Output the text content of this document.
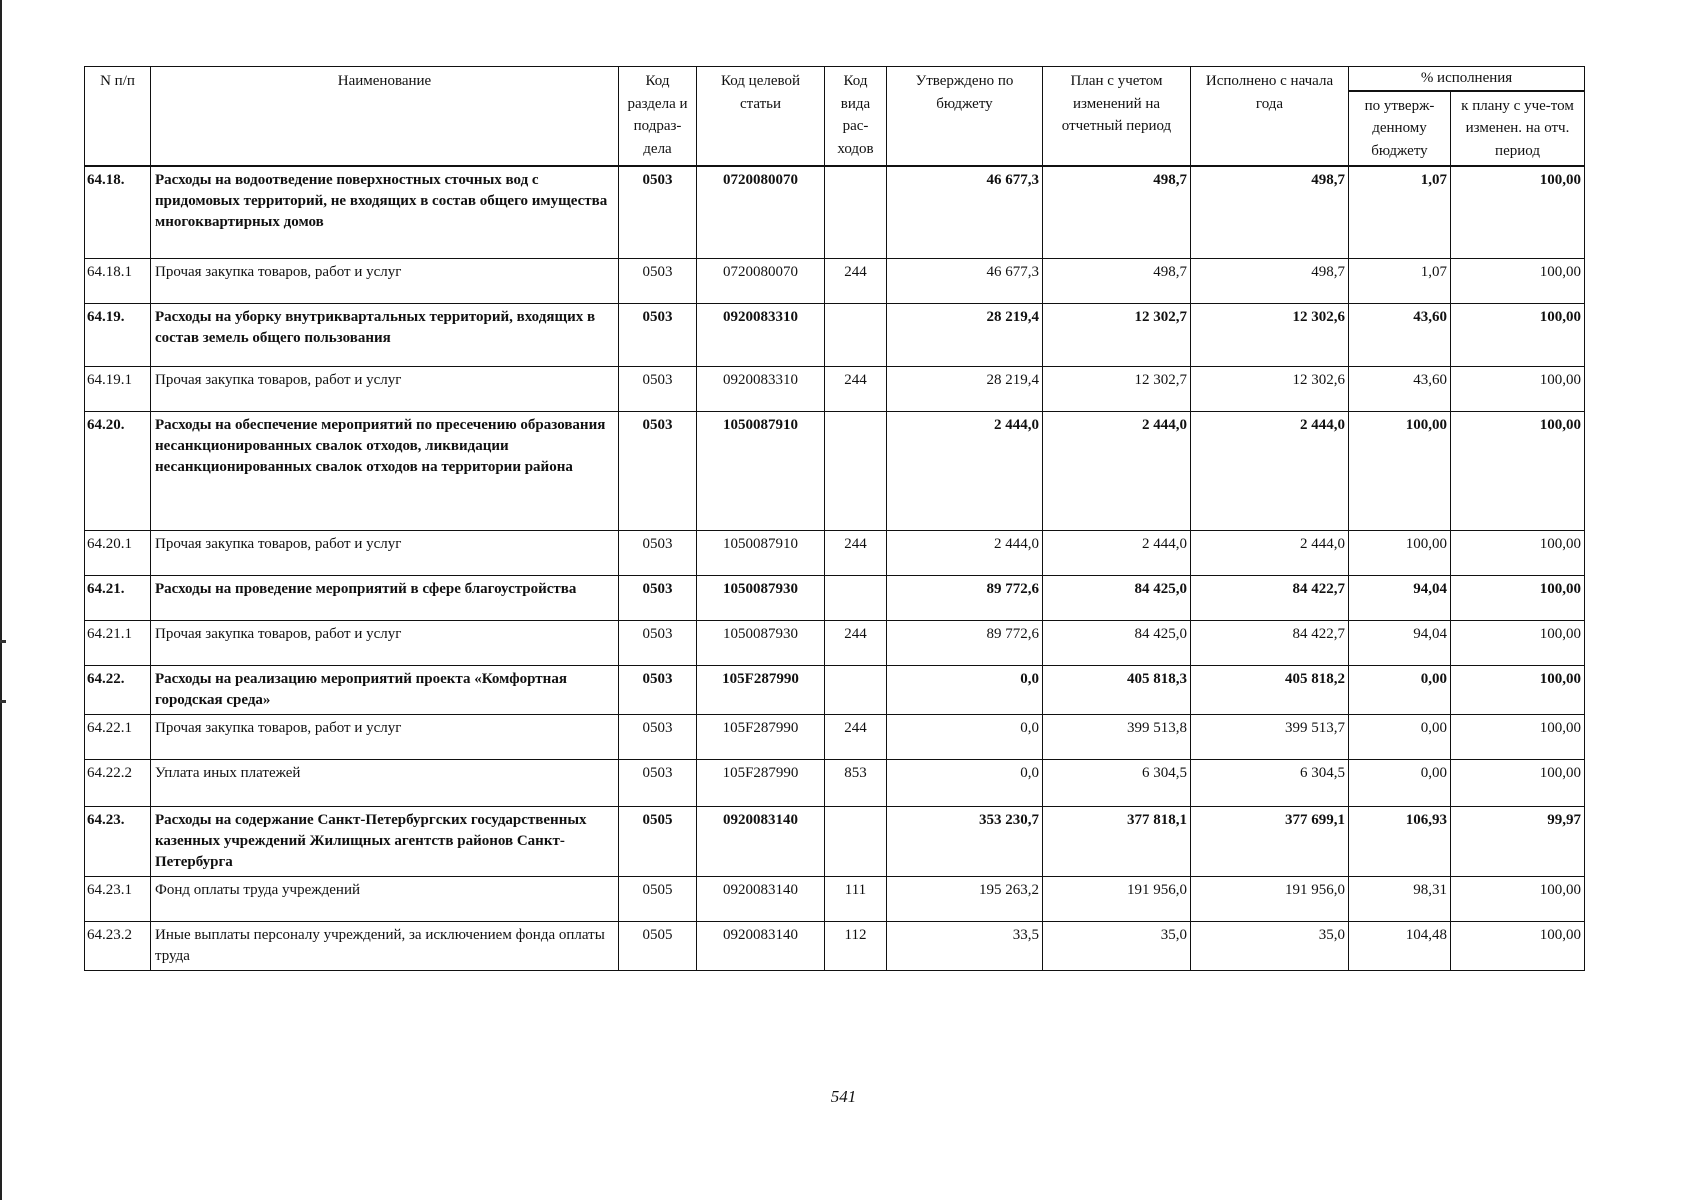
N п/п	Наименование	Код раздела и подраз-дела	Код целевой статьи	Код вида рас-ходов	Утверждено по бюджету	План с учетом изменений на отчетный период	Исполнено с начала года	% исполнения	
								по утверж-денному бюджету	к плану с уче-том изменен. на отч. период
64.18.	Расходы на водоотведение поверхностных сточных вод с придомовых территорий, не входящих в состав общего имущества многоквартирных домов	0503	0720080070		46 677,3	498,7	498,7	1,07	100,00
64.18.1	Прочая закупка товаров, работ и услуг	0503	0720080070	244	46 677,3	498,7	498,7	1,07	100,00
64.19.	Расходы на уборку внутриквартальных территорий, входящих в состав земель общего пользования	0503	0920083310		28 219,4	12 302,7	12 302,6	43,60	100,00
64.19.1	Прочая закупка товаров, работ и услуг	0503	0920083310	244	28 219,4	12 302,7	12 302,6	43,60	100,00
64.20.	Расходы на обеспечение мероприятий по пресечению образования несанкционированных свалок отходов, ликвидации несанкционированных свалок отходов на территории района	0503	1050087910		2 444,0	2 444,0	2 444,0	100,00	100,00
64.20.1	Прочая закупка товаров, работ и услуг	0503	1050087910	244	2 444,0	2 444,0	2 444,0	100,00	100,00
64.21.	Расходы на проведение мероприятий в сфере благоустройства	0503	1050087930		89 772,6	84 425,0	84 422,7	94,04	100,00
64.21.1	Прочая закупка товаров, работ и услуг	0503	1050087930	244	89 772,6	84 425,0	84 422,7	94,04	100,00
64.22.	Расходы на реализацию мероприятий проекта «Комфортная городская среда»	0503	105F287990		0,0	405 818,3	405 818,2	0,00	100,00
64.22.1	Прочая закупка товаров, работ и услуг	0503	105F287990	244	0,0	399 513,8	399 513,7	0,00	100,00
64.22.2	Уплата иных платежей	0503	105F287990	853	0,0	6 304,5	6 304,5	0,00	100,00
64.23.	Расходы на содержание Санкт-Петербургских государственных казенных учреждений Жилищных агентств районов Санкт-Петербурга	0505	0920083140		353 230,7	377 818,1	377 699,1	106,93	99,97
64.23.1	Фонд оплаты труда учреждений	0505	0920083140	111	195 263,2	191 956,0	191 956,0	98,31	100,00
64.23.2	Иные выплаты персоналу учреждений, за исключением фонда оплаты труда	0505	0920083140	112	33,5	35,0	35,0	104,48	100,00
541
